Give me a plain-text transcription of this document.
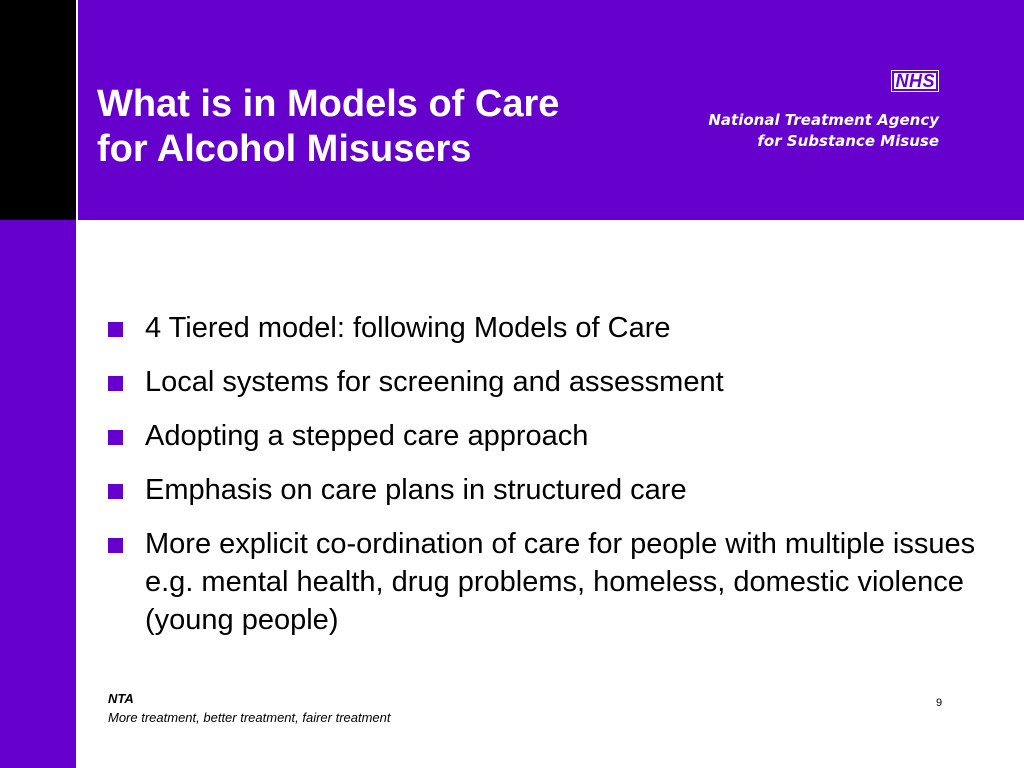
What is in Models of Care
for Alcohol Misusers
NHS
National Treatment Agency
for Substance Misuse
4 Tiered model: following Models of Care
Local systems for screening and assessment
Adopting a stepped care approach
Emphasis on care plans in structured care
More explicit co-ordination of care for people with multiple issues e.g. mental health, drug problems, homeless, domestic violence (young people)
NTA
More treatment, better treatment, fairer treatment
9
